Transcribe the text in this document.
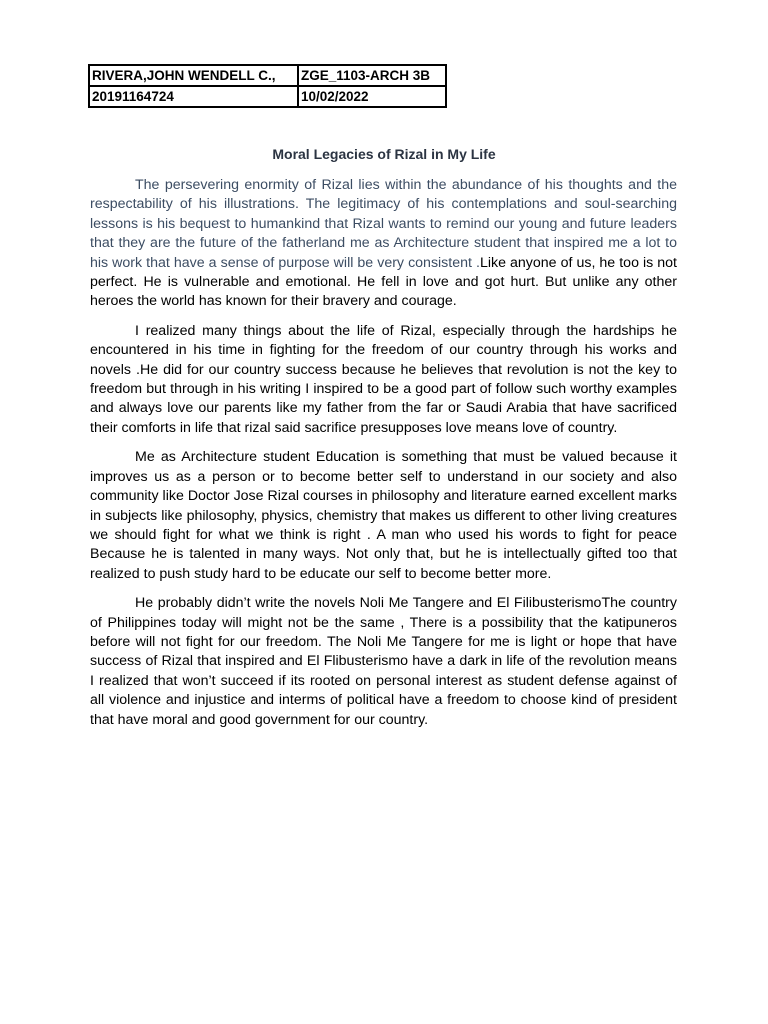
RIVERA,JOHN WENDELL C.,	ZGE_1103-ARCH 3B
20191164724	10/02/2022
Moral Legacies of Rizal in My Life

The persevering enormity of Rizal lies within the abundance of his thoughts and the respectability of his illustrations. The legitimacy of his contemplations and soul-searching lessons is his bequest to humankind that Rizal wants to remind our young and future leaders that they are the future of the fatherland me as Architecture student that inspired me a lot to his work that have a sense of purpose will be very consistent .Like anyone of us, he too is not perfect. He is vulnerable and emotional. He fell in love and got hurt. But unlike any other heroes the world has known for their bravery and courage.

I realized many things about the life of Rizal, especially through the hardships he encountered in his time in fighting for the freedom of our country through his works and novels .He did for our country success because he believes that revolution is not the key to freedom but through in his writing I inspired to be a good part of follow such worthy examples and always love our parents like my father from the far or Saudi Arabia that have sacrificed their comforts in life that rizal said sacrifice presupposes love means love of country.

Me as Architecture student Education is something that must be valued because it improves us as a person or to become better self to understand in our society and also community like Doctor Jose Rizal courses in philosophy and literature earned excellent marks in subjects like philosophy, physics, chemistry that makes us different to other living creatures we should fight for what we think is right . A man who used his words to fight for peace Because he is talented in many ways. Not only that, but he is intellectually gifted too that realized to push study hard to be educate our self to become better more.

He probably didn’t write the novels Noli Me Tangere and El FilibusterismoThe country of Philippines today will might not be the same , There is a possibility that the katipuneros before will not fight for our freedom. The Noli Me Tangere for me is light or hope that have success of Rizal that inspired and El Flibusterismo have a dark in life of the revolution means I realized that won’t succeed if its rooted on personal interest as student defense against of all violence and injustice and interms of political have a freedom to choose kind of president that have moral and good government for our country.
